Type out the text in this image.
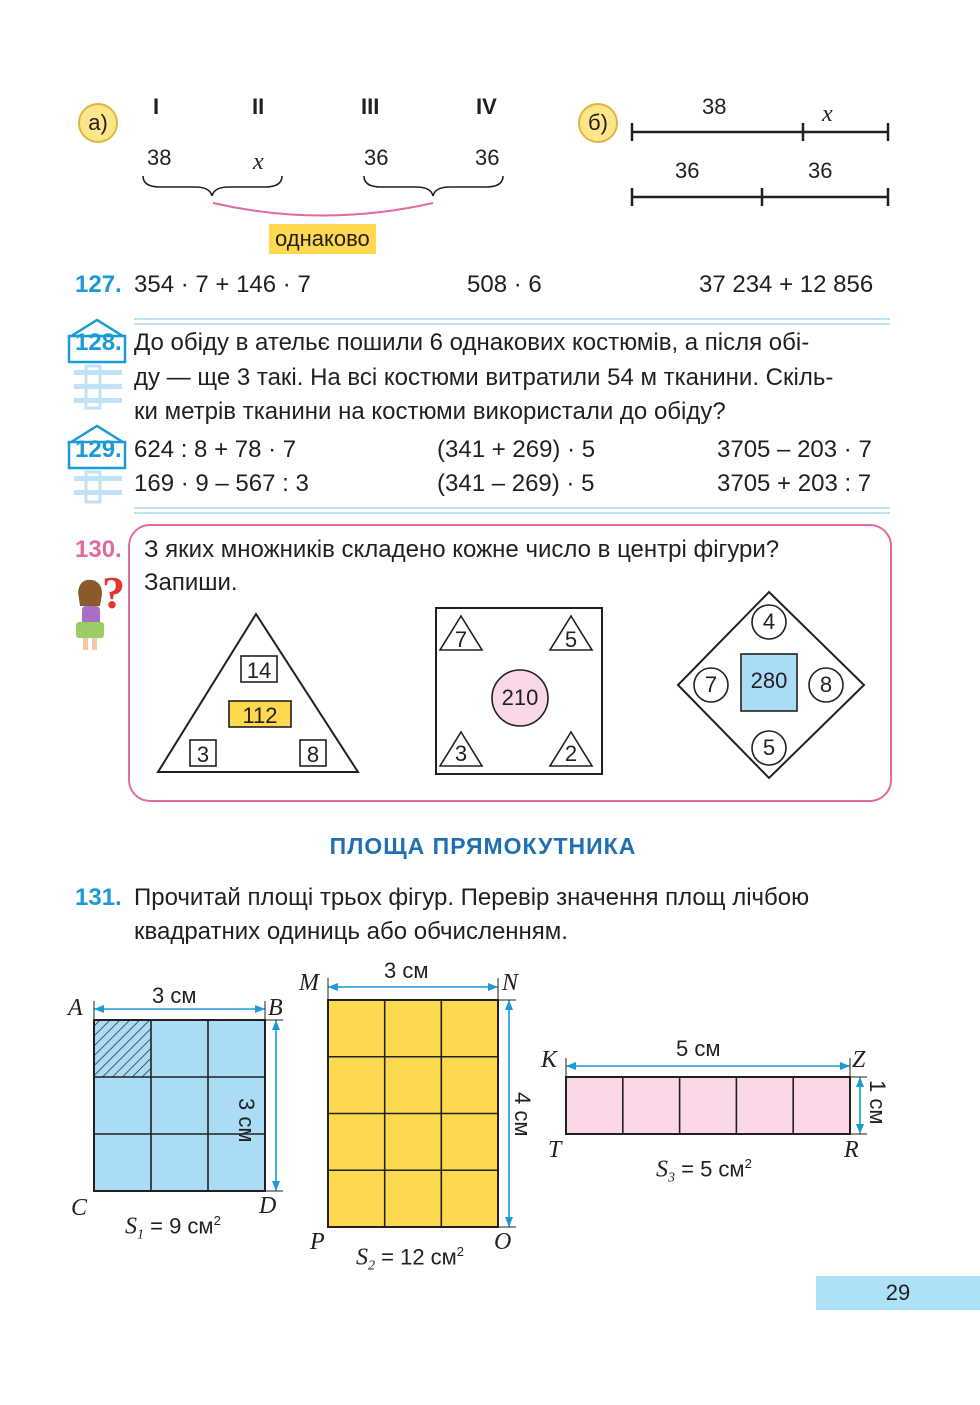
а)
I	II	III	IV
38	x	36	36
однаково
б)
38	x
36	36
127. 354 · 7 + 146 · 7	508 · 6	37 234 + 12 856
128. До обіду в ательє пошили 6 однакових костюмів, а після обі-
ду — ще 3 такі. На всі костюми витратили 54 м тканини. Скіль-
ки метрів тканини на костюми використали до обіду?
129. 624 : 8 + 78 · 7	(341 + 269) · 5	3705 – 203 · 7
169 · 9 – 567 : 3	(341 – 269) · 5	3705 + 203 : 7
130. З яких множників складено кожне число в центрі фігури?
Запиши.
?
14
112
3	8
7	5
210
3	2
4
7	280	8
5
ПЛОЩА ПРЯМОКУТНИКА
131. Прочитай площі трьох фігур. Перевір значення площ лічбою
квадратних одиниць або обчисленням.
3 см
3 см
A	B
C	D
$S_1 = 9$ $см^2$
3 см
4 см
M	N
P	O
$S_2 = 12$ $см^2$
5 см
1 см
K	Z
T	R
$S_3 = 5$ $см^2$
29
